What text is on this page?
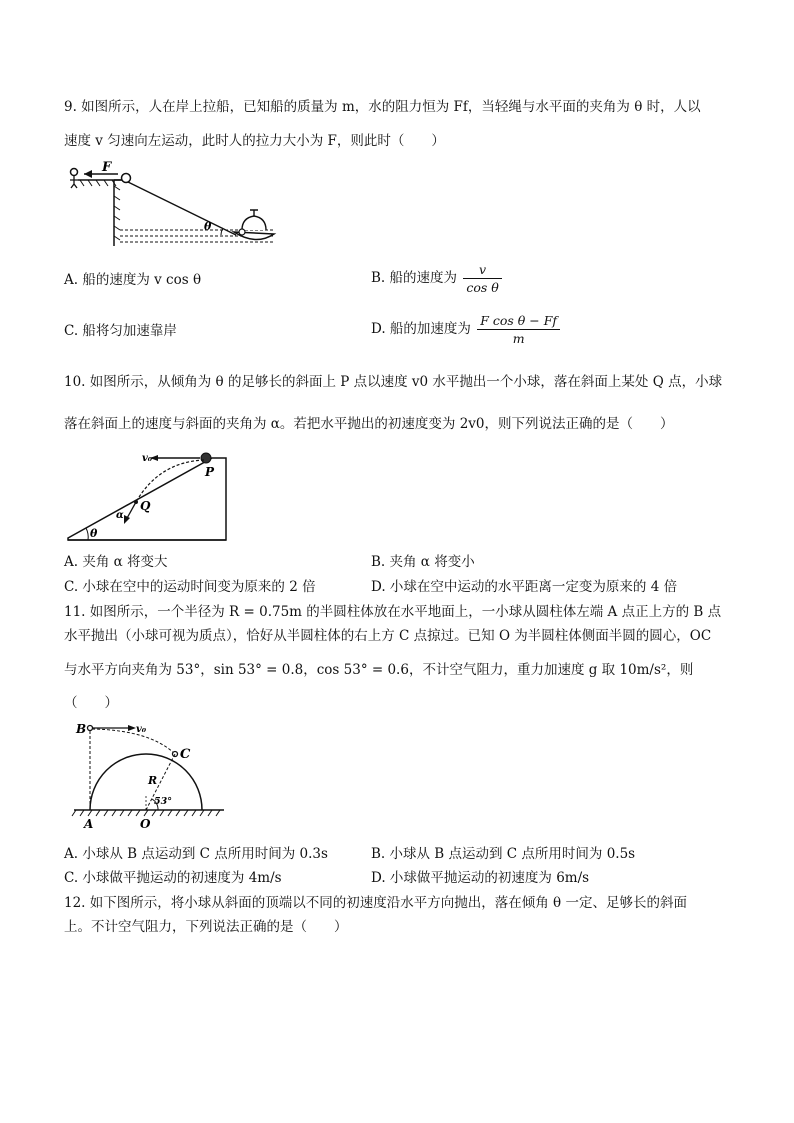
9. 如图所示，人在岸上拉船，已知船的质量为 m，水的阻力恒为 Ff，当轻绳与水平面的夹角为 θ 时，人以
速度 v 匀速向左运动，此时人的拉力大小为 F，则此时（　　）
F
θ
A. 船的速度为 v cos θ	B. 船的速度为 $\frac{v}{\text{cos θ}}$
C. 船将匀加速靠岸	D. 船的加速度为 $\frac{\text{F cos θ − Ff}}{m}$
10. 如图所示，从倾角为 θ 的足够长的斜面上 P 点以速度 v0 水平抛出一个小球，落在斜面上某处 Q 点，小球
落在斜面上的速度与斜面的夹角为 α。若把水平抛出的初速度变为 2v0，则下列说法正确的是（　　）
v₀
P
Q
α
θ
A. 夹角 α 将变大	B. 夹角 α 将变小
C. 小球在空中的运动时间变为原来的 2 倍	D. 小球在空中运动的水平距离一定变为原来的 4 倍
11. 如图所示，一个半径为 R = 0.75m 的半圆柱体放在水平地面上，一小球从圆柱体左端 A 点正上方的 B 点
水平抛出（小球可视为质点），恰好从半圆柱体的右上方 C 点掠过。已知 O 为半圆柱体侧面半圆的圆心，OC
与水平方向夹角为 53°，sin 53° = 0.8，cos 53° = 0.6，不计空气阻力，重力加速度 g 取 10m/s²，则
（　　）
v₀
B
C
R
53°
A	O
A. 小球从 B 点运动到 C 点所用时间为 0.3s	B. 小球从 B 点运动到 C 点所用时间为 0.5s
C. 小球做平抛运动的初速度为 4m/s	D. 小球做平抛运动的初速度为 6m/s
12. 如下图所示，将小球从斜面的顶端以不同的初速度沿水平方向抛出，落在倾角 θ 一定、足够长的斜面
上。不计空气阻力，下列说法正确的是（　　）
